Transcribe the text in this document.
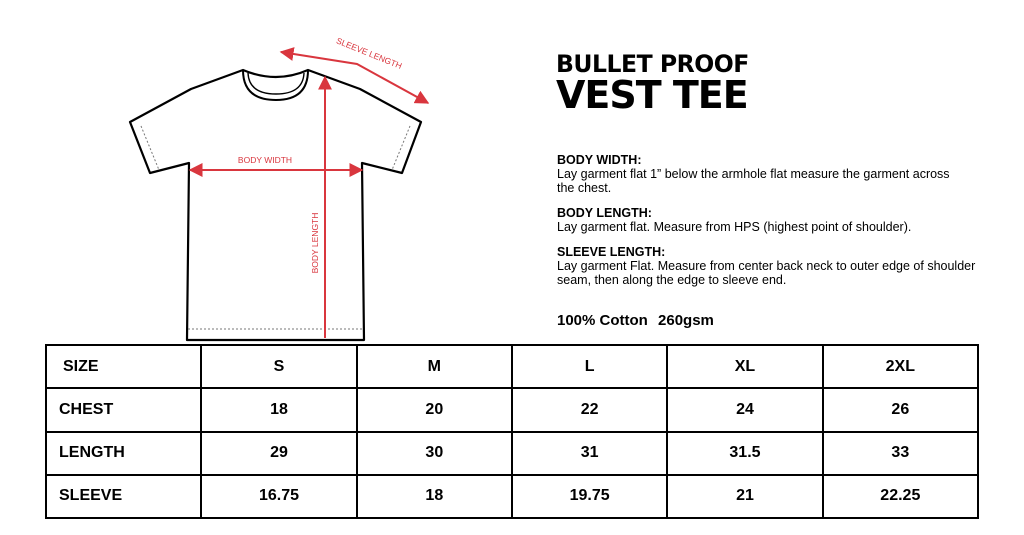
SLEEVE LENGTH
BODY WIDTH
BODY LENGTH
BULLET PROOF
VEST TEE
BODY WIDTH:
Lay garment flat 1” below the armhole flat measure the garment across the chest.
BODY LENGTH:
Lay garment flat. Measure from HPS (highest point of shoulder).
SLEEVE LENGTH:
Lay garment Flat. Measure from center back neck to outer edge of shoulder seam, then along the edge to sleeve end.
100% Cotton 260gsm
SIZE	S	M	L	XL	2XL
CHEST	18	20	22	24	26
LENGTH	29	30	31	31.5	33
SLEEVE	16.75	18	19.75	21	22.25
